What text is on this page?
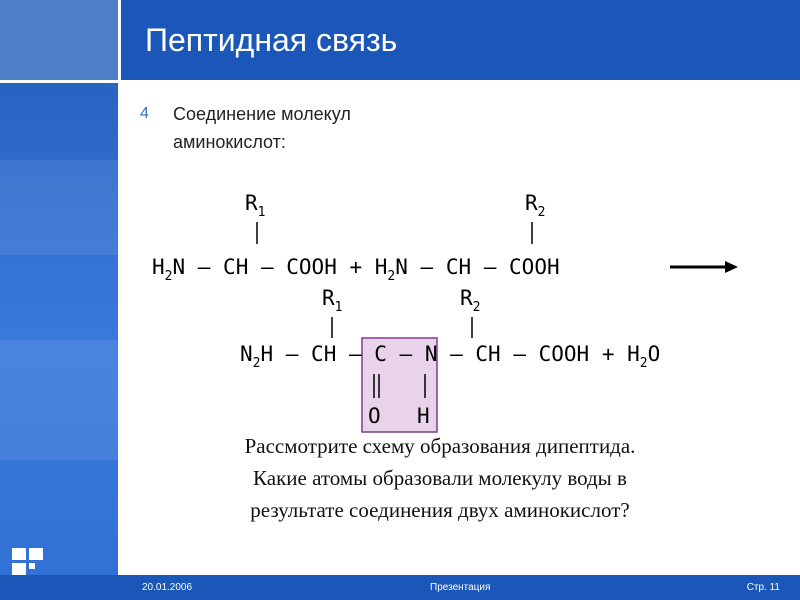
Пептидная связь
4 Соединение молекул аминокислот:
$R_1$	$R_2$
$H_2N$ – CH – COOH + $H_2N$ – CH – COOH
$R_1$	$R_2$
$N_2H$ – CH – C – N – CH – COOH + $H_2O$
O H
Рассмотрите схему образования дипептида.
Какие атомы образовали молекулу воды в
результате соединения двух аминокислот?
20.01.2006	Презентация	Стр. 11
